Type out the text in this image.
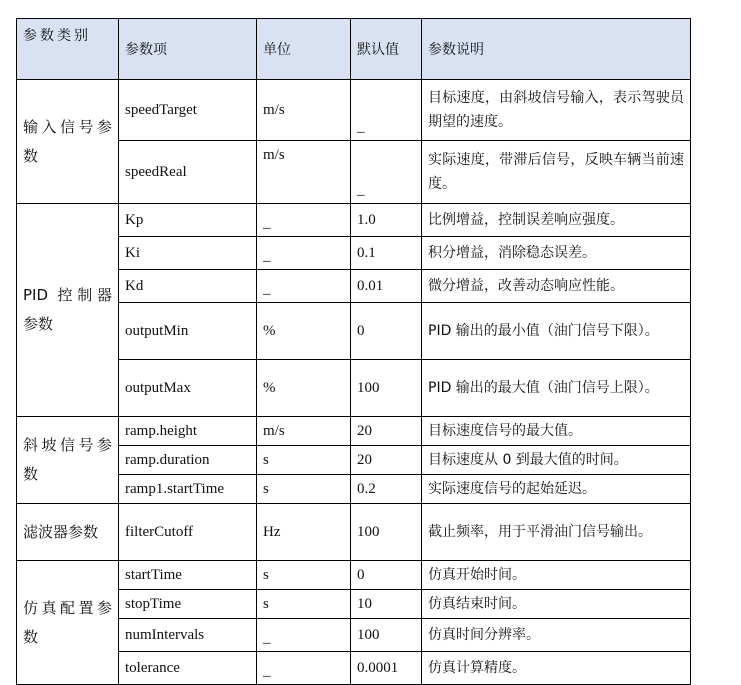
参数类别	参数项	单位	默认值	参数说明
输入信号参数	speedTarget	m/s	_	目标速度，由斜坡信号输入，表示驾驶员期望的速度。
	speedReal	m/s	_	实际速度，带滞后信号，反映车辆当前速度。
PID 控制器参数	Kp	_	1.0	比例增益，控制误差响应强度。
	Ki	_	0.1	积分增益，消除稳态误差。
	Kd	_	0.01	微分增益，改善动态响应性能。
	outputMin	%	0	PID 输出的最小值（油门信号下限）。
	outputMax	%	100	PID 输出的最大值（油门信号上限）。
斜坡信号参数	ramp.height	m/s	20	目标速度信号的最大值。
	ramp.duration	s	20	目标速度从 0 到最大值的时间。
	ramp1.startTime	s	0.2	实际速度信号的起始延迟。
滤波器参数	filterCutoff	Hz	100	截止频率，用于平滑油门信号输出。
仿真配置参数	startTime	s	0	仿真开始时间。
	stopTime	s	10	仿真结束时间。
	numIntervals	_	100	仿真时间分辨率。
	tolerance	_	0.0001	仿真计算精度。
